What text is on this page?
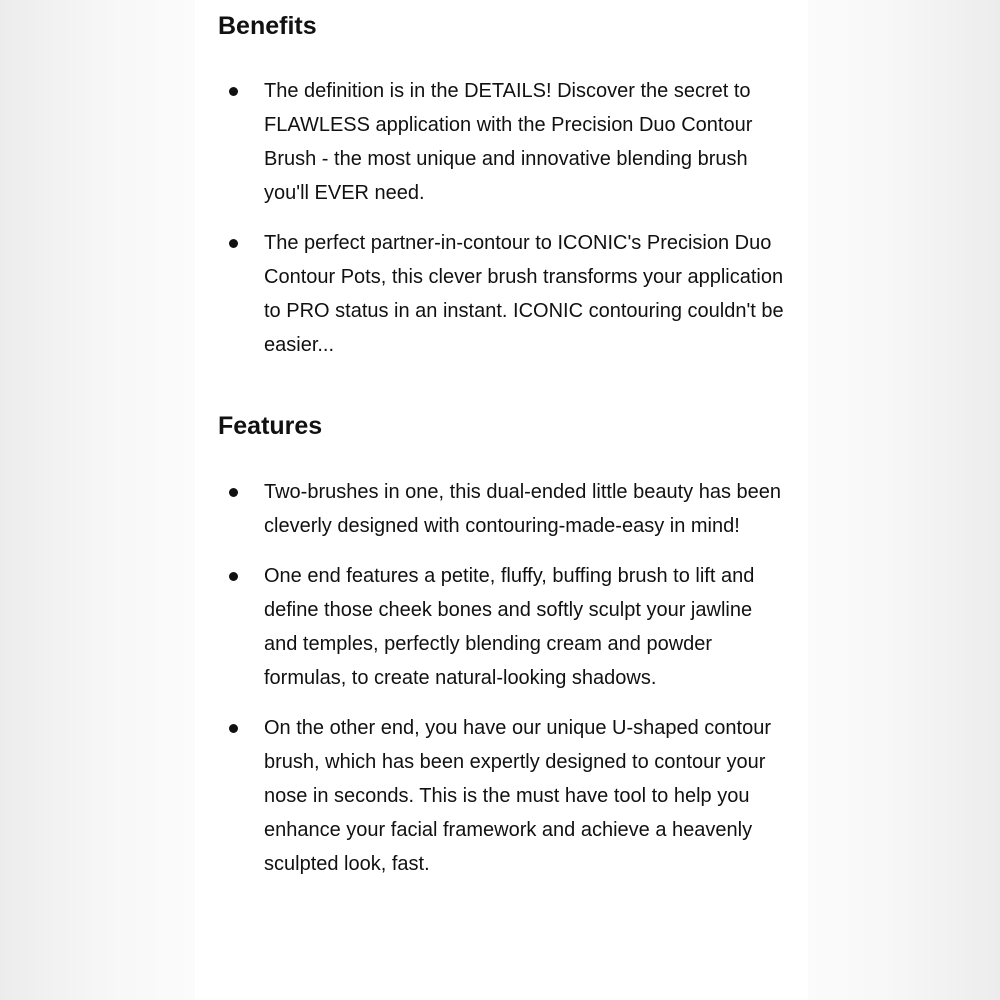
Benefits
The definition is in the DETAILS! Discover the secret to FLAWLESS application with the Precision Duo Contour Brush - the most unique and innovative blending brush you'll EVER need.
The perfect partner-in-contour to ICONIC's Precision Duo Contour Pots, this clever brush transforms your application to PRO status in an instant. ICONIC contouring couldn't be easier...
Features
Two-brushes in one, this dual-ended little beauty has been cleverly designed with contouring-made-easy in mind!
One end features a petite, fluffy, buffing brush to lift and define those cheek bones and softly sculpt your jawline and temples, perfectly blending cream and powder formulas, to create natural-looking shadows.
On the other end, you have our unique U-shaped contour brush, which has been expertly designed to contour your nose in seconds. This is the must have tool to help you enhance your facial framework and achieve a heavenly sculpted look, fast.
